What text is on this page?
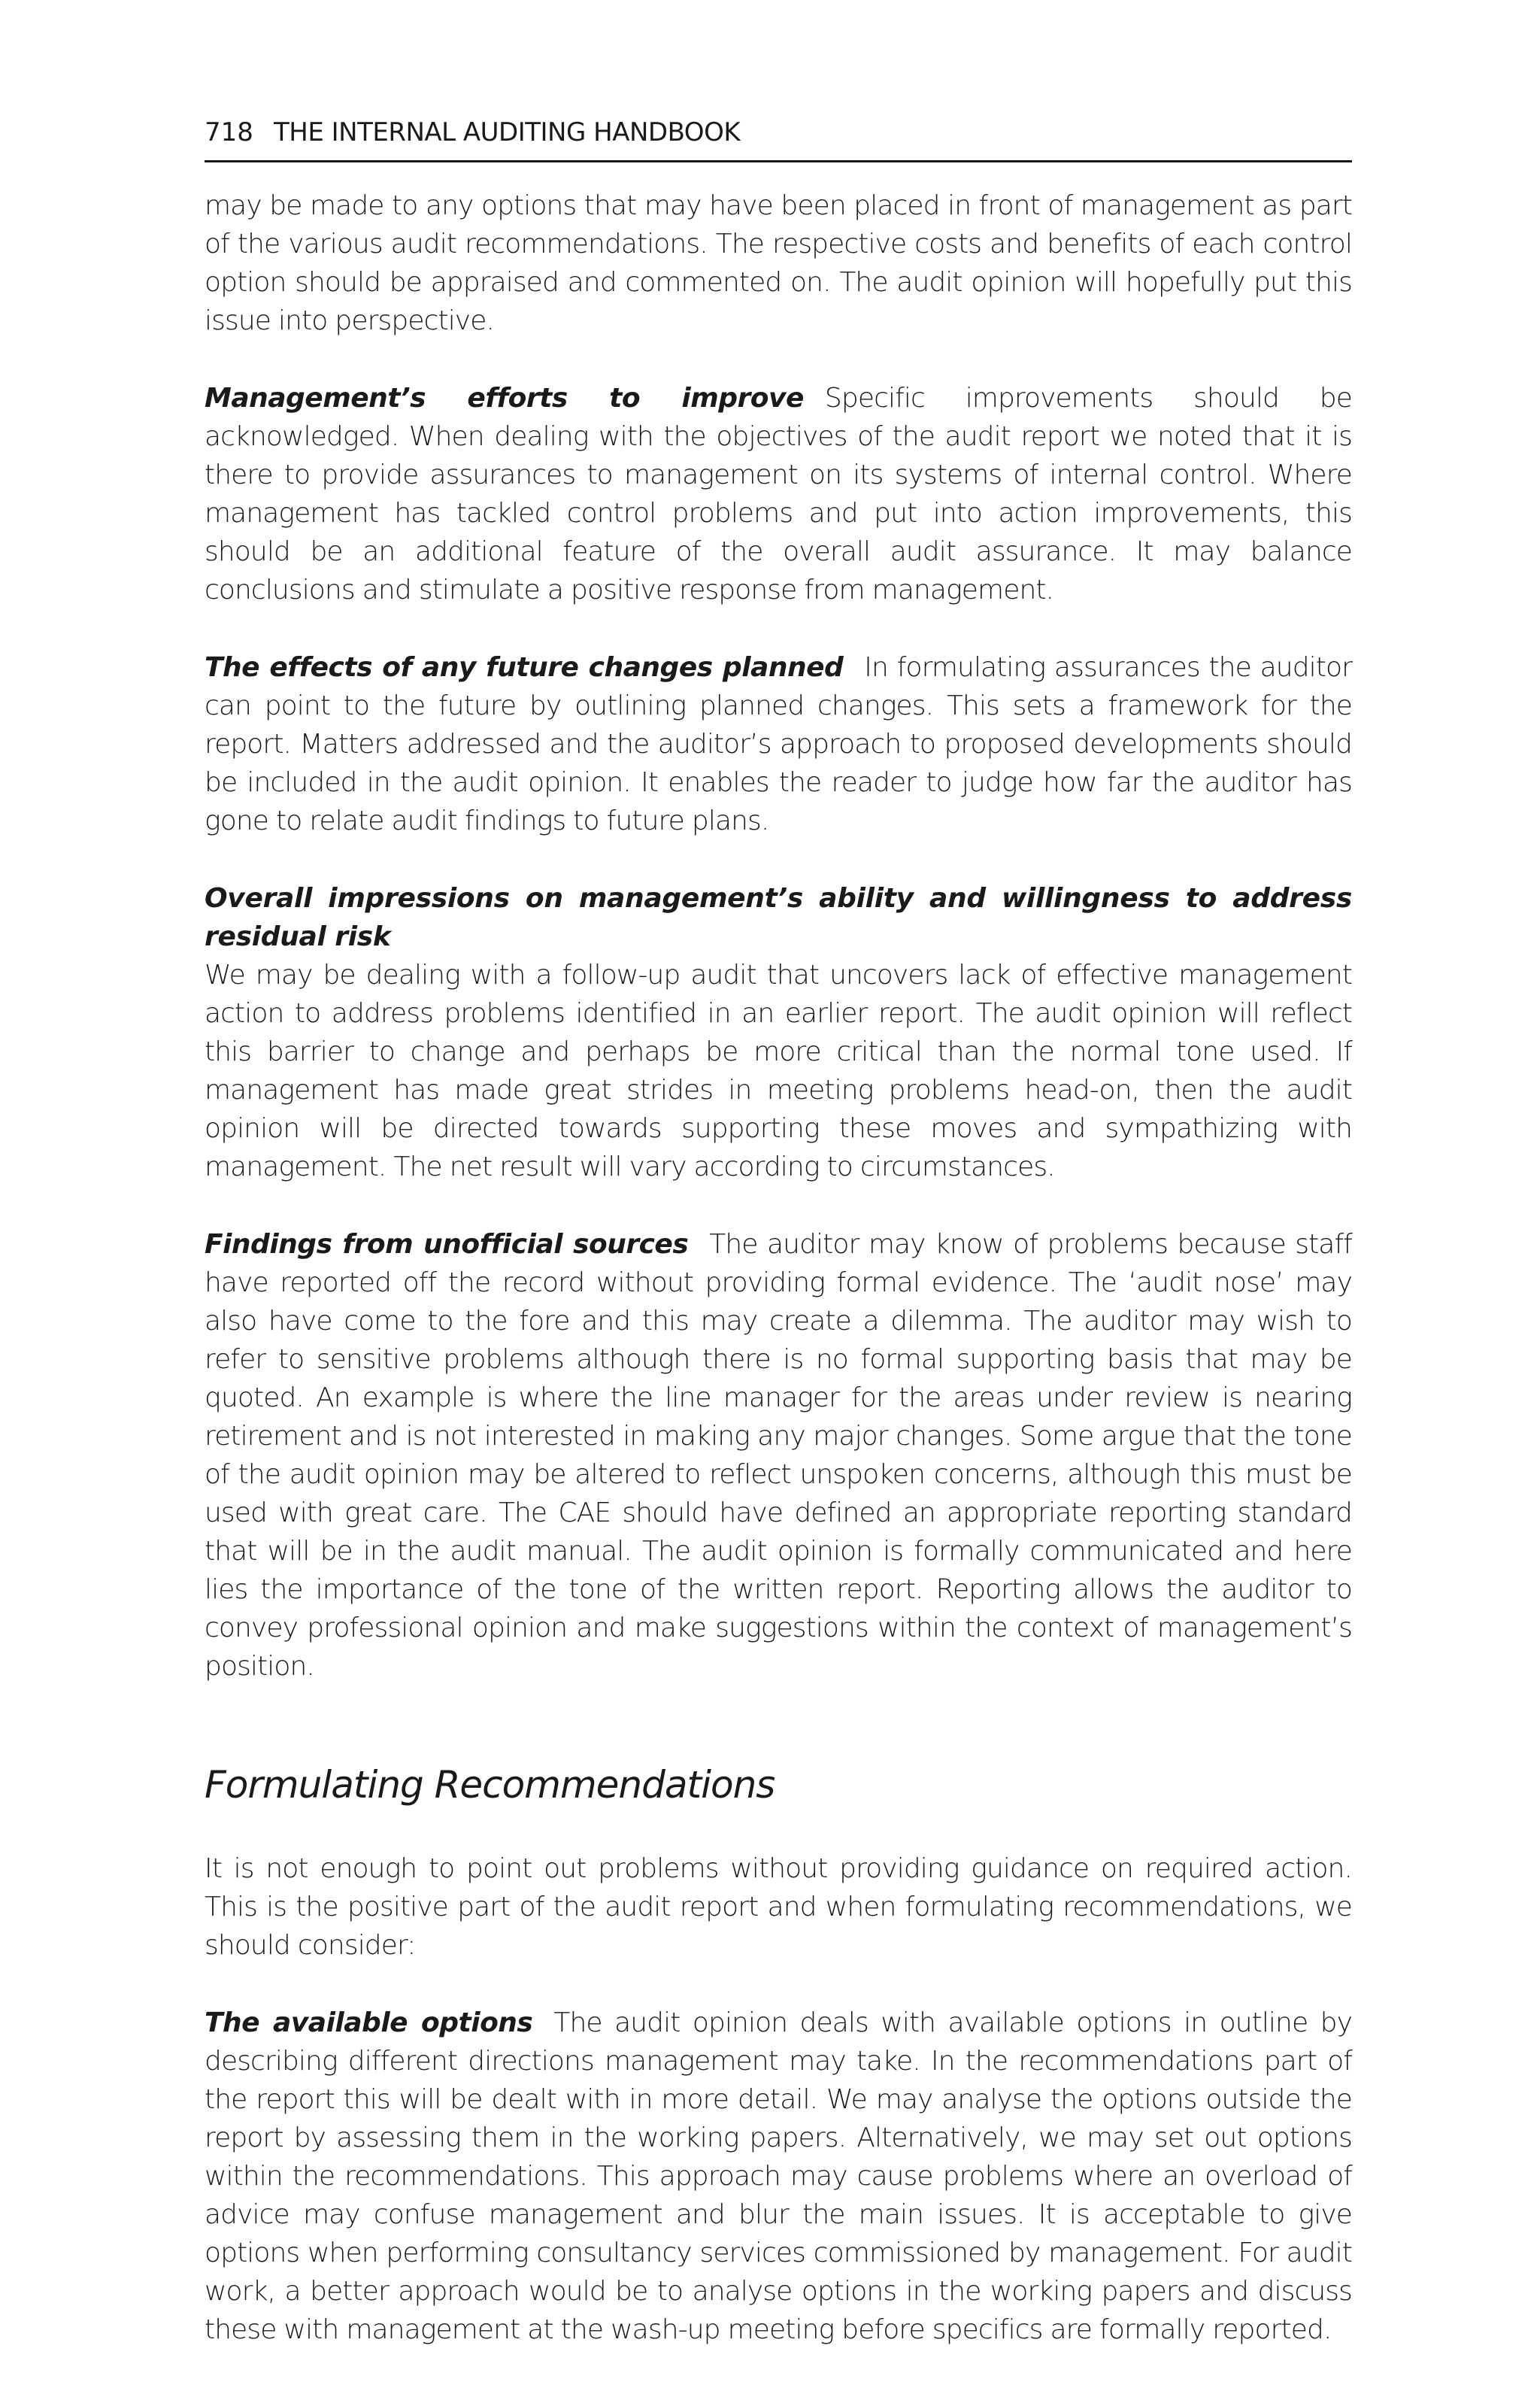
718 THE INTERNAL AUDITING HANDBOOK

may be made to any options that may have been placed in front of management as part of the various audit recommendations. The respective costs and benefits of each control option should be appraised and commented on. The audit opinion will hopefully put this issue into perspective.

Management’s efforts to improve Specific improvements should be acknowledged. When dealing with the objectives of the audit report we noted that it is there to provide assurances to management on its systems of internal control. Where management has tackled control problems and put into action improvements, this should be an additional feature of the overall audit assurance. It may balance conclusions and stimulate a positive response from management.

The effects of any future changes planned In formulating assurances the auditor can point to the future by outlining planned changes. This sets a framework for the report. Matters addressed and the auditor’s approach to proposed developments should be included in the audit opinion. It enables the reader to judge how far the auditor has gone to relate audit findings to future plans.

Overall impressions on management’s ability and willingness to address residual risk
We may be dealing with a follow-up audit that uncovers lack of effective management action to address problems identified in an earlier report. The audit opinion will reflect this barrier to change and perhaps be more critical than the normal tone used. If management has made great strides in meeting problems head-on, then the audit opinion will be directed towards supporting these moves and sympathizing with management. The net result will vary according to circumstances.

Findings from unofficial sources The auditor may know of problems because staff have reported off the record without providing formal evidence. The ‘audit nose’ may also have come to the fore and this may create a dilemma. The auditor may wish to refer to sensitive problems although there is no formal supporting basis that may be quoted. An example is where the line manager for the areas under review is nearing retirement and is not interested in making any major changes. Some argue that the tone of the audit opinion may be altered to reflect unspoken concerns, although this must be used with great care. The CAE should have defined an appropriate reporting standard that will be in the audit manual. The audit opinion is formally communicated and here lies the importance of the tone of the written report. Reporting allows the auditor to convey professional opinion and make suggestions within the context of management’s position.

Formulating Recommendations

It is not enough to point out problems without providing guidance on required action. This is the positive part of the audit report and when formulating recommendations, we should consider:

The available options The audit opinion deals with available options in outline by describing different directions management may take. In the recommendations part of the report this will be dealt with in more detail. We may analyse the options outside the report by assessing them in the working papers. Alternatively, we may set out options within the recommendations. This approach may cause problems where an overload of advice may confuse management and blur the main issues. It is acceptable to give options when performing consultancy services commissioned by management. For audit work, a better approach would be to analyse options in the working papers and discuss these with management at the wash-up meeting before specifics are formally reported.
